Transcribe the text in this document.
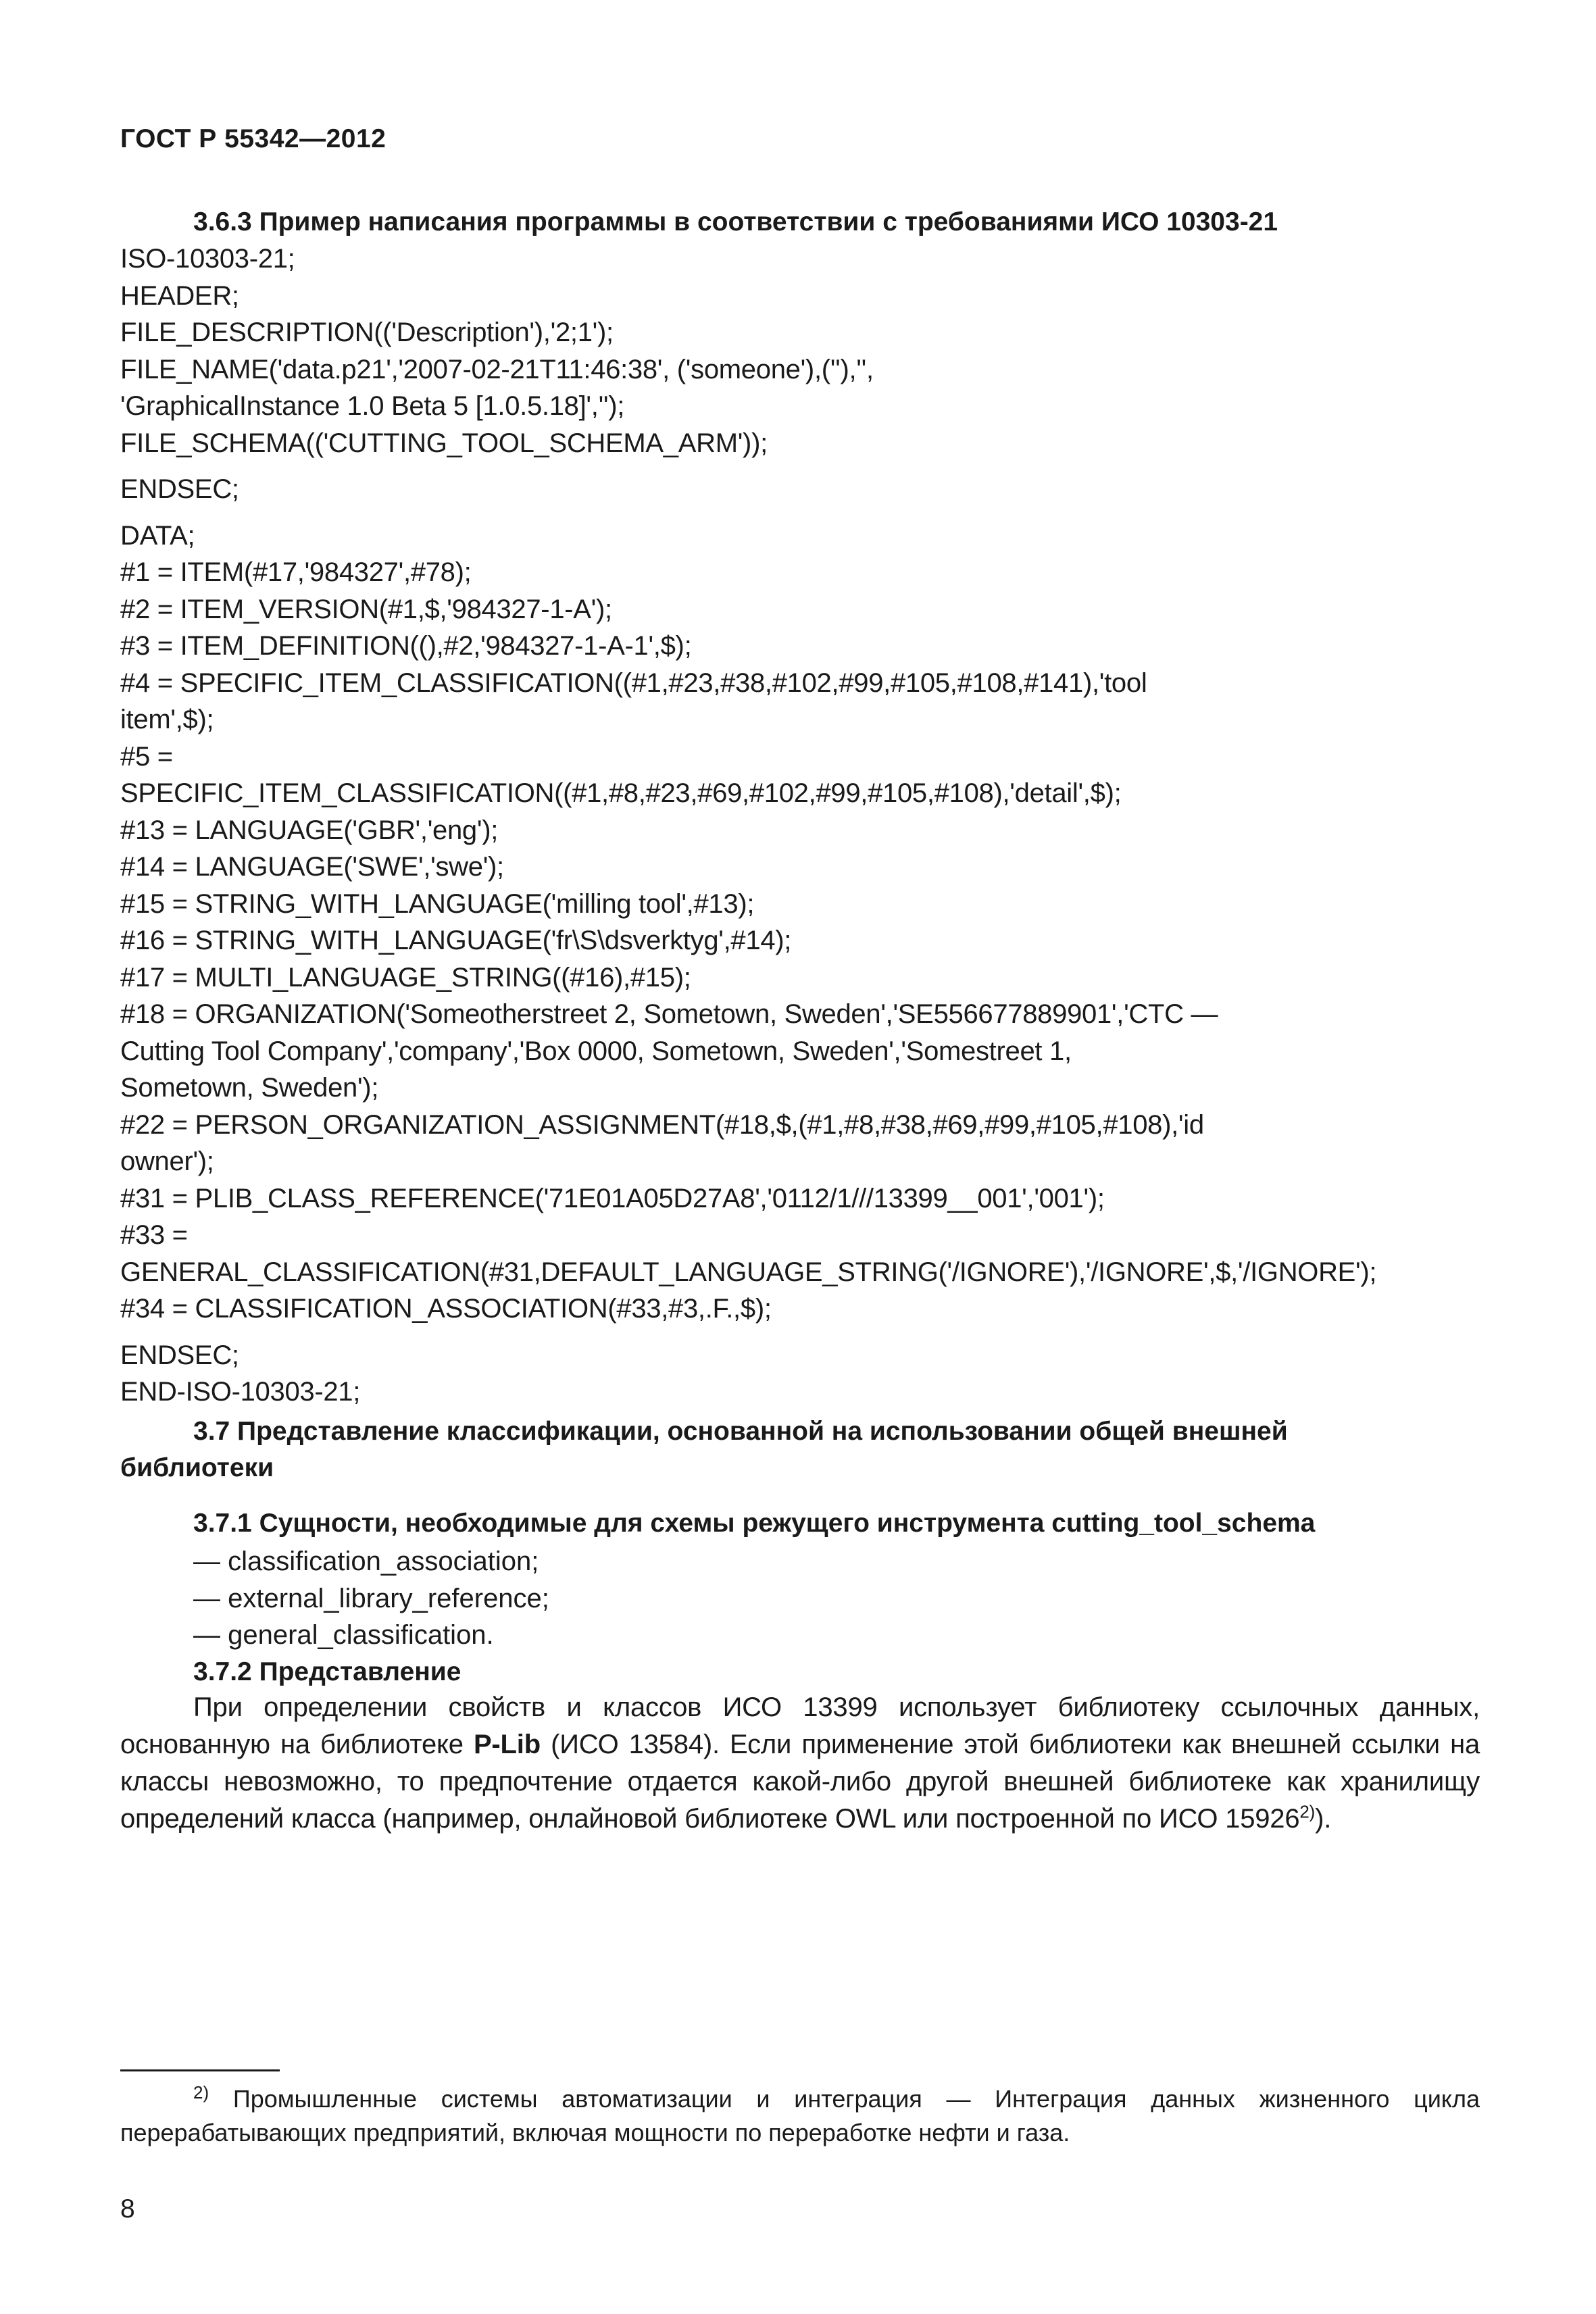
ГОСТ Р 55342—2012
3.6.3 Пример написания программы в соответствии с требованиями ИСО 10303-21
ISO-10303-21;
HEADER;
FILE_DESCRIPTION(('Description'),'2;1');
FILE_NAME('data.p21','2007-02-21T11:46:38', ('someone'),(''),'',
'GraphicalInstance 1.0 Beta 5 [1.0.5.18]','');
FILE_SCHEMA(('CUTTING_TOOL_SCHEMA_ARM'));
ENDSEC;
DATA;
#1 = ITEM(#17,'984327',#78);
#2 = ITEM_VERSION(#1,$,'984327-1-A');
#3 = ITEM_DEFINITION((),#2,'984327-1-A-1',$);
#4 = SPECIFIC_ITEM_CLASSIFICATION((#1,#23,#38,#102,#99,#105,#108,#141),'tool
item',$);
#5 =
SPECIFIC_ITEM_CLASSIFICATION((#1,#8,#23,#69,#102,#99,#105,#108),'detail',$);
#13 = LANGUAGE('GBR','eng');
#14 = LANGUAGE('SWE','swe');
#15 = STRING_WITH_LANGUAGE('milling tool',#13);
#16 = STRING_WITH_LANGUAGE('fr\S\dsverktyg',#14);
#17 = MULTI_LANGUAGE_STRING((#16),#15);
#18 = ORGANIZATION('Someotherstreet 2, Sometown, Sweden','SE556677889901','CTC —
Cutting Tool Company','company','Box 0000, Sometown, Sweden','Somestreet 1,
Sometown, Sweden');
#22 = PERSON_ORGANIZATION_ASSIGNMENT(#18,$,(#1,#8,#38,#69,#99,#105,#108),'id
owner');
#31 = PLIB_CLASS_REFERENCE('71E01A05D27A8','0112/1///13399__001','001');
#33 =
GENERAL_CLASSIFICATION(#31,DEFAULT_LANGUAGE_STRING('/IGNORE'),'/IGNORE',$,'/IGNORE');
#34 = CLASSIFICATION_ASSOCIATION(#33,#3,.F.,$);
ENDSEC;
END-ISO-10303-21;
3.7 Представление классификации, основанной на использовании общей внешней
библиотеки
3.7.1 Сущности, необходимые для схемы режущего инструмента cutting_tool_schema
— classification_association;
— external_library_reference;
— general_classification.
3.7.2 Представление
При определении свойств и классов ИСО 13399 использует библиотеку ссылочных данных, основанную на библиотеке P-Lib (ИСО 13584). Если применение этой библиотеки как внешней ссылки на классы невозможно, то предпочтение отдается какой-либо другой внешней библиотеке как хранилищу определений класса (например, онлайновой библиотеке OWL или построенной по ИСО 15926$^{2)}$).
$^{2)}$ Промышленные системы автоматизации и интеграция — Интеграция данных жизненного цикла перерабатывающих предприятий, включая мощности по переработке нефти и газа.
8
